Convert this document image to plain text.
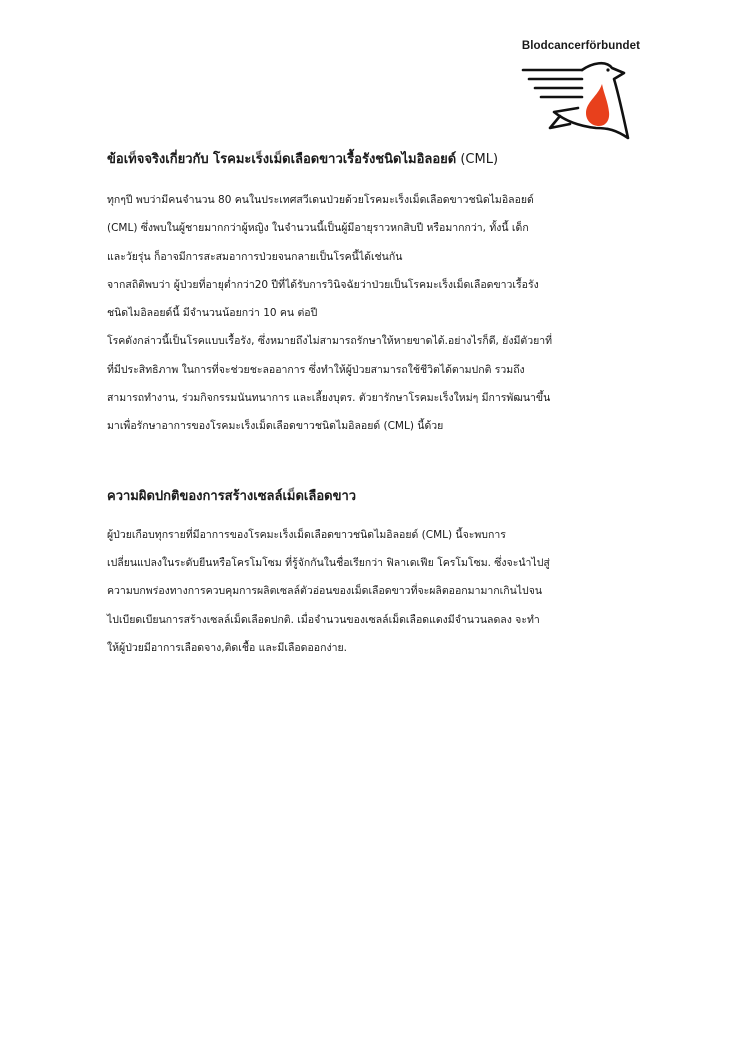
Blodcancerförbundet
ข้อเท็จจริงเกี่ยวกับ โรคมะเร็งเม็ดเลือดขาวเรื้อรังชนิดไมอิลอยด์ (CML)

ทุกๆปี พบว่ามีคนจำนวน 80 คนในประเทศสวีเดนป่วยด้วยโรคมะเร็งเม็ดเลือดขาวชนิดไมอิลอยด์

(CML) ซึ่งพบในผู้ชายมากกว่าผู้หญิง ในจำนวนนี้เป็นผู้มีอายุราวหกสิบปี หรือมากกว่า, ทั้งนี้ เด็ก

และวัยรุ่น ก็อาจมีการสะสมอาการป่วยจนกลายเป็นโรคนี้ได้เช่นกัน

จากสถิติพบว่า ผู้ป่วยที่อายุต่ำกว่า20 ปีที่ได้รับการวินิจฉัยว่าป่วยเป็นโรคมะเร็งเม็ดเลือดขาวเรื้อรัง

ชนิดไมอิลอยด์นี้ มีจำนวนน้อยกว่า 10 คน ต่อปี

โรคดังกล่าวนี้เป็นโรคแบบเรื้อรัง, ซึ่งหมายถึงไม่สามารถรักษาให้หายขาดได้.อย่างไรก็ดี, ยังมีตัวยาที่

ที่มีประสิทธิภาพ ในการที่จะช่วยชะลออาการ ซึ่งทำให้ผู้ป่วยสามารถใช้ชีวิตได้ตามปกติ รวมถึง

สามารถทำงาน, ร่วมกิจกรรมนันทนาการ และเลี้ยงบุตร. ตัวยารักษาโรคมะเร็งใหม่ๆ มีการพัฒนาขึ้น

มาเพื่อรักษาอาการของโรคมะเร็งเม็ดเลือดขาวชนิดไมอิลอยด์ (CML) นี้ด้วย

ความผิดปกติของการสร้างเซลล์เม็ดเลือดขาว

ผู้ป่วยเกือบทุกรายที่มีอาการของโรคมะเร็งเม็ดเลือดขาวชนิดไมอิลอยด์ (CML) นี้จะพบการ

เปลี่ยนแปลงในระดับยีนหรือโครโมโซม ที่รู้จักกันในชื่อเรียกว่า ฟิลาเดเฟีย โครโมโซม. ซึ่งจะนำไปสู่

ความบกพร่องทางการควบคุมการผลิตเซลล์ตัวอ่อนของเม็ดเลือดขาวที่จะผลิตออกมามากเกินไปจน

ไปเบียดเบียนการสร้างเซลล์เม็ดเลือดปกติ. เมื่อจำนวนของเซลล์เม็ดเลือดแดงมีจำนวนลดลง จะทำ

ให้ผู้ป่วยมีอาการเลือดจาง,ติดเชื้อ และมีเลือดออกง่าย.
